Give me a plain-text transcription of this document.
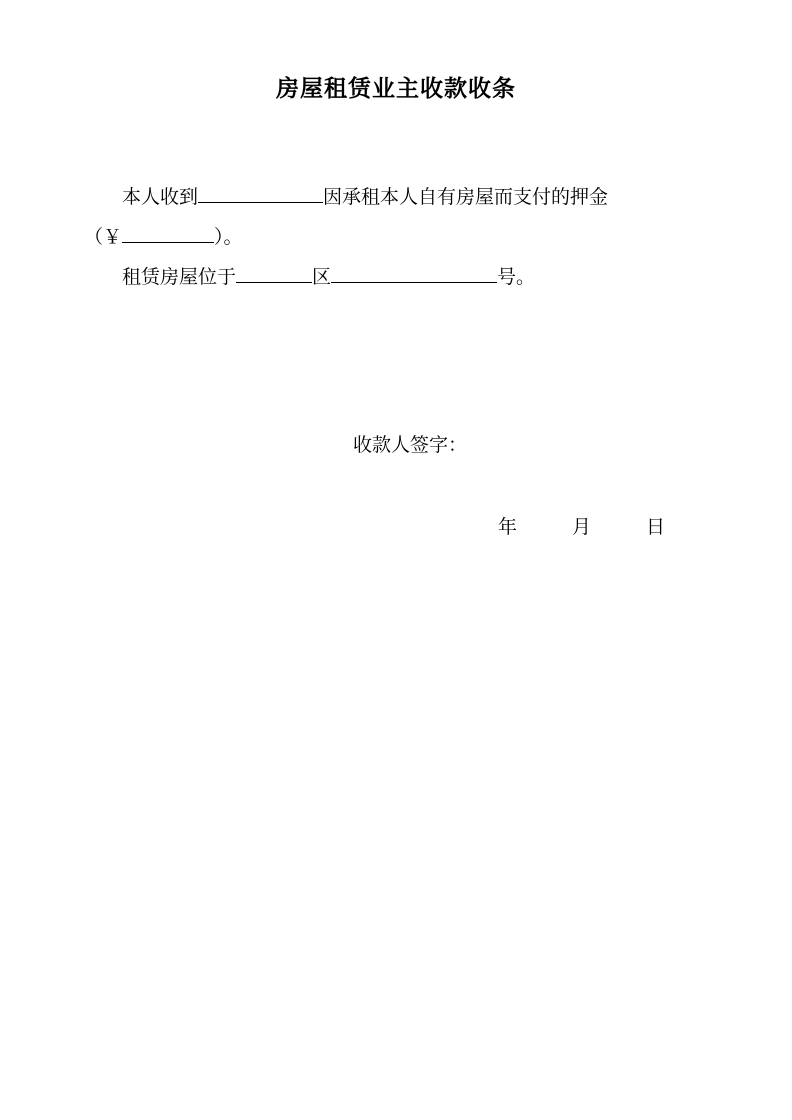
房屋租赁业主收款收条
本人收到	因承租本人自有房屋而支付的押金
（￥	）。
租赁房屋位于	区	号。
收款人签字：
年	月	日
